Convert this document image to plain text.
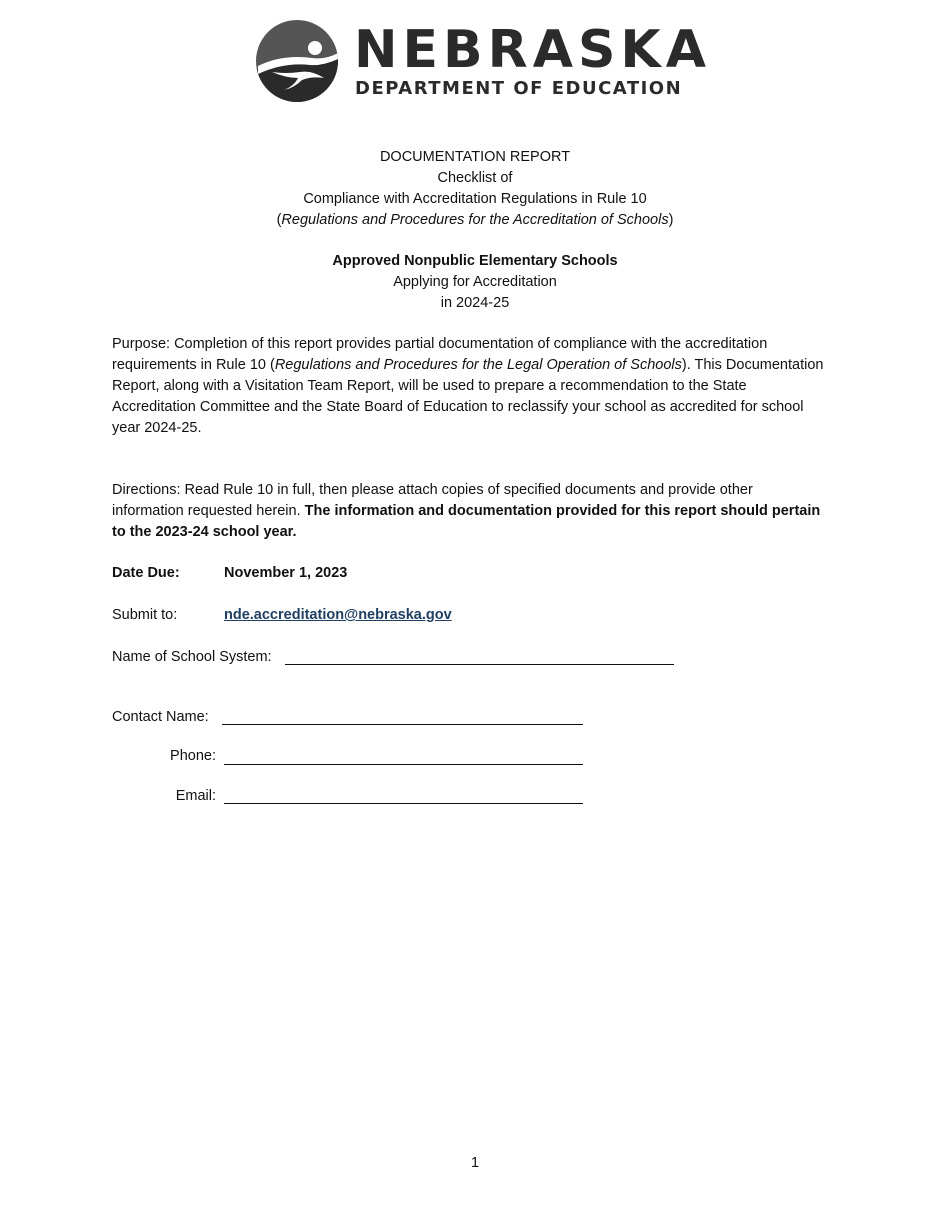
NEBRASKA
DEPARTMENT OF EDUCATION
DOCUMENTATION REPORT
Checklist of
Compliance with Accreditation Regulations in Rule 10
(Regulations and Procedures for the Accreditation of Schools)
Approved Nonpublic Elementary Schools
Applying for Accreditation
in 2024-25
Purpose: Completion of this report provides partial documentation of compliance with the accreditation requirements in Rule 10 (Regulations and Procedures for the Legal Operation of Schools). This Documentation Report, along with a Visitation Team Report, will be used to prepare a recommendation to the State Accreditation Committee and the State Board of Education to reclassify your school as accredited for school year 2024-25.
Directions: Read Rule 10 in full, then please attach copies of specified documents and provide other information requested herein. The information and documentation provided for this report should pertain to the 2023-24 school year.
Date Due:	November 1, 2023
Submit to:	nde.accreditation@nebraska.gov
Name of School System:
Contact Name:
Phone:
Email:
1
